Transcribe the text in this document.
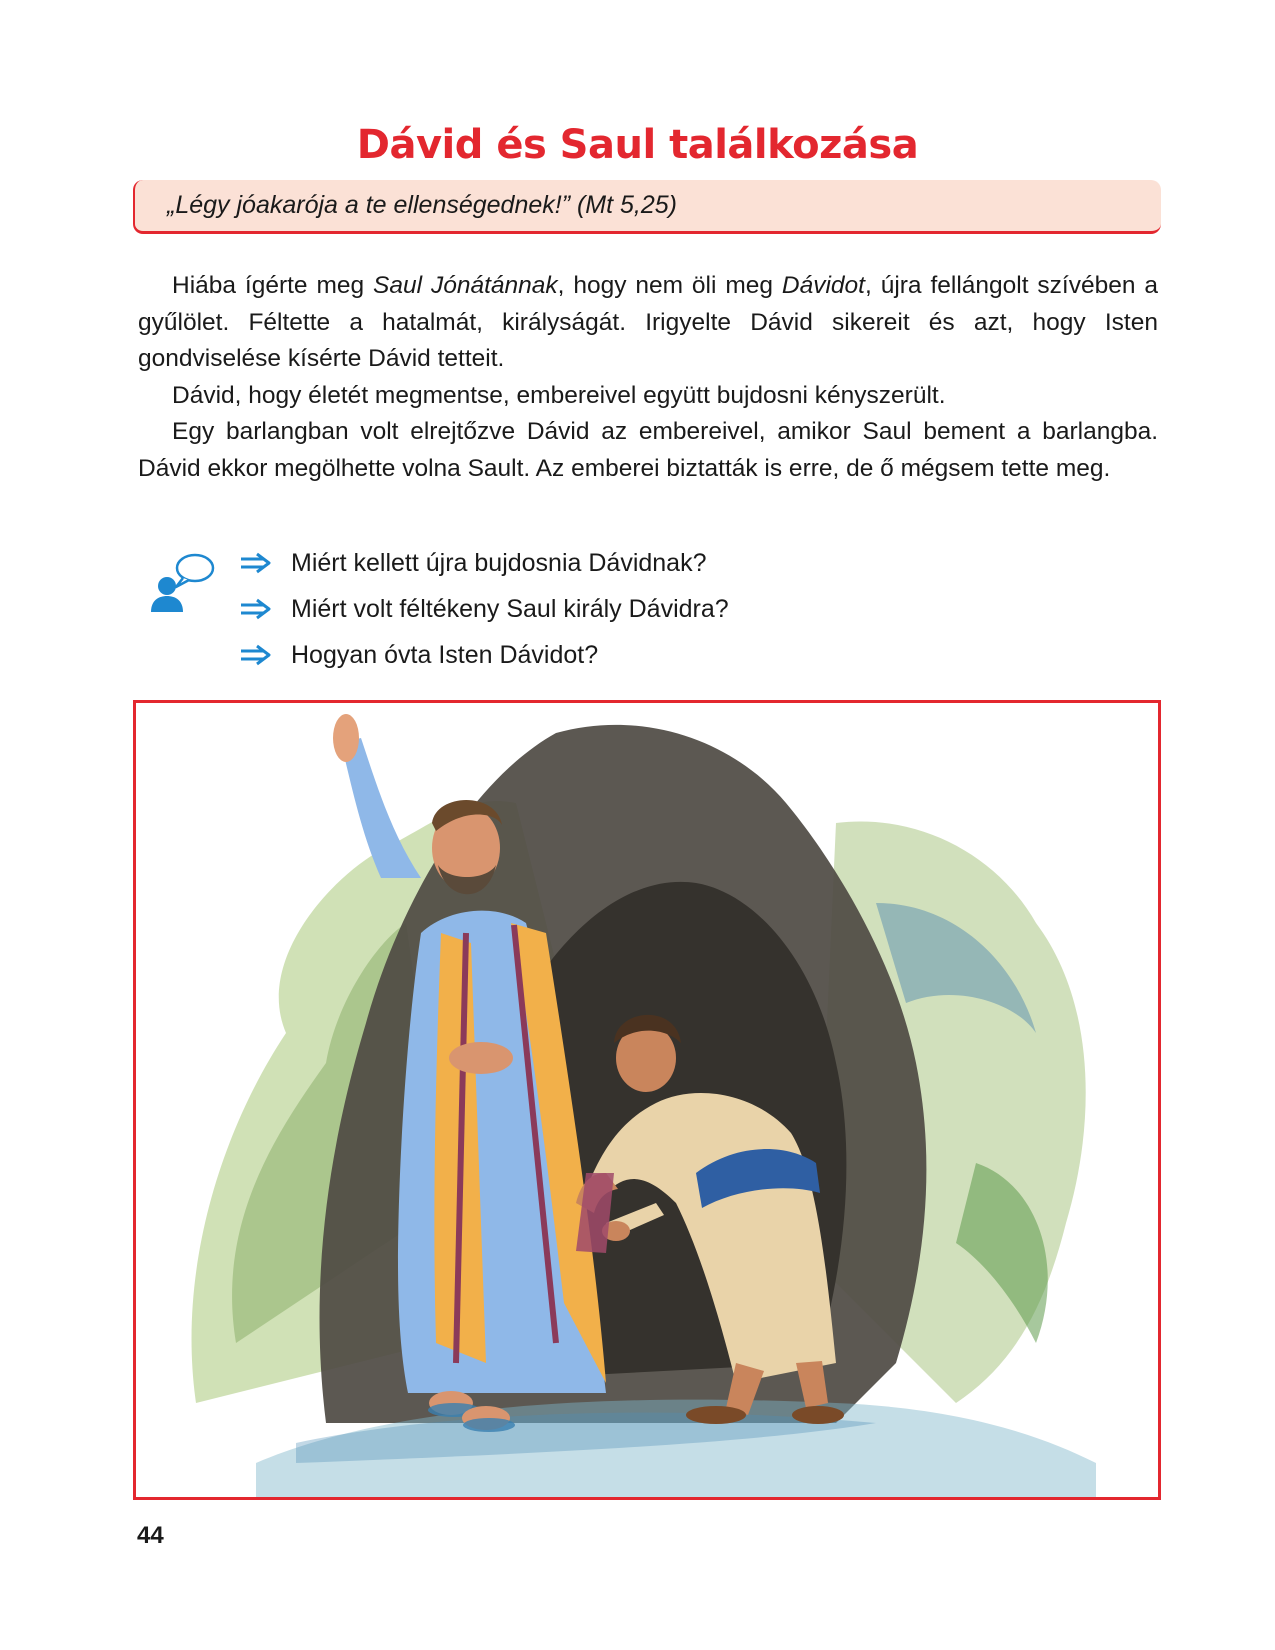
Dávid és Saul találkozása
„Légy jóakarója a te ellenségednek!” (Mt 5,25)

Hiába ígérte meg Saul Jónátánnak, hogy nem öli meg Dávidot, újra fellángolt szívében a gyűlölet. Féltette a hatalmát, királyságát. Irigyelte Dávid sikereit és azt, hogy Isten gondviselése kísérte Dávid tetteit.

Dávid, hogy életét megmentse, embereivel együtt bujdosni kényszerült.

Egy barlangban volt elrejtőzve Dávid az embereivel, amikor Saul bement a barlangba. Dávid ekkor megölhette volna Sault. Az emberei biztatták is erre, de ő mégsem tette meg.

Miért kellett újra bujdosnia Dávidnak?
Miért volt féltékeny Saul király Dávidra?
Hogyan óvta Isten Dávidot?
44
